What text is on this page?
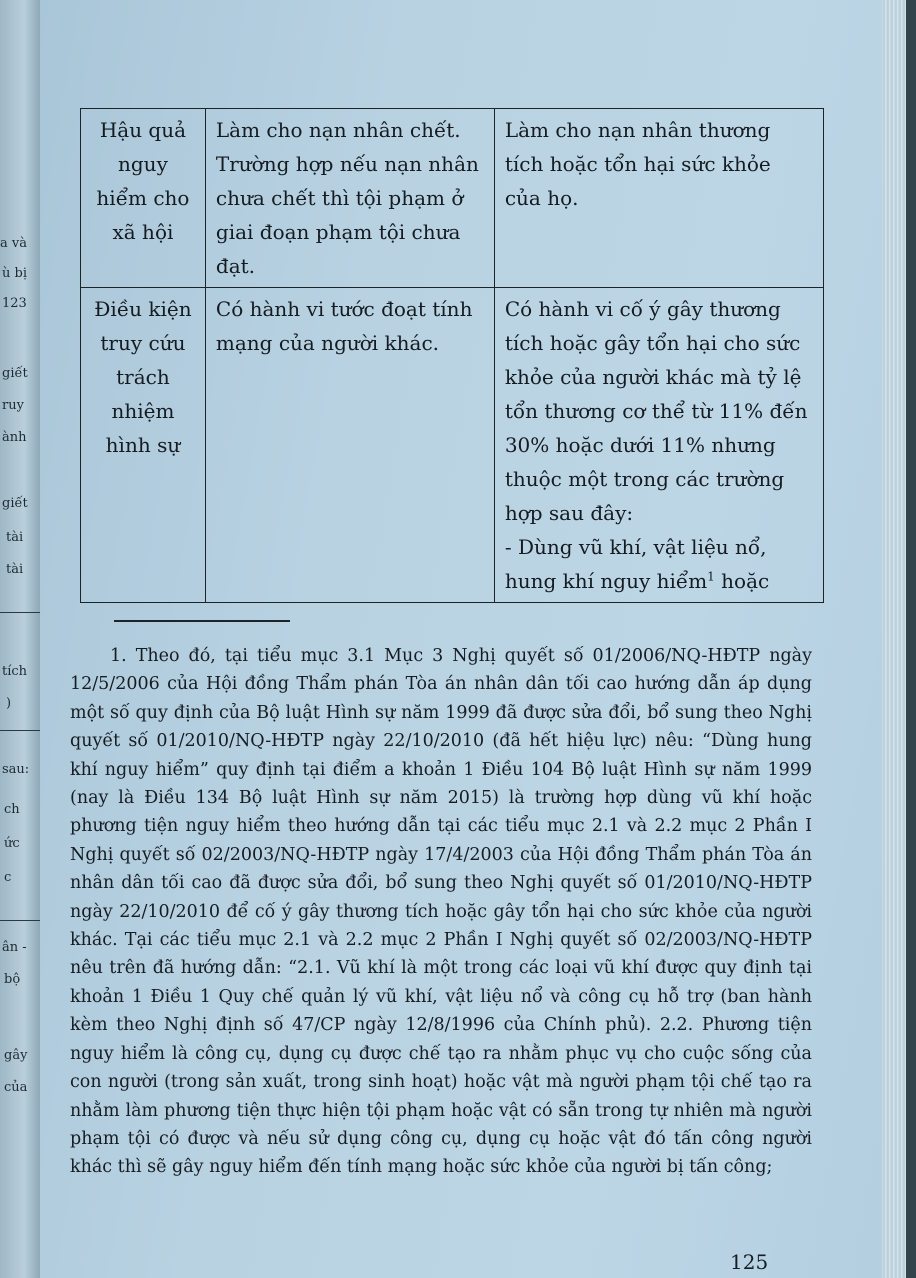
a và
ù bị
123
giết
ruy
ành
giết
tài
tài
tích
)
sau:
ch
ức
c
ân -
bộ
gây
của
Hậu quả nguy hiểm cho xã hội	Làm cho nạn nhân chết. Trường hợp nếu nạn nhân chưa chết thì tội phạm ở giai đoạn phạm tội chưa đạt.	Làm cho nạn nhân thương tích hoặc tổn hại sức khỏe của họ.
Điều kiện truy cứu trách nhiệm hình sự	Có hành vi tước đoạt tính mạng của người khác.	Có hành vi cố ý gây thương tích hoặc gây tổn hại cho sức khỏe của người khác mà tỷ lệ tổn thương cơ thể từ 11% đến 30% hoặc dưới 11% nhưng thuộc một trong các trường hợp sau đây:
- Dùng vũ khí, vật liệu nổ, hung khí nguy hiểm$^1$ hoặc

1. Theo đó, tại tiểu mục 3.1 Mục 3 Nghị quyết số 01/2006/NQ-HĐTP ngày 12/5/2006 của Hội đồng Thẩm phán Tòa án nhân dân tối cao hướng dẫn áp dụng một số quy định của Bộ luật Hình sự năm 1999 đã được sửa đổi, bổ sung theo Nghị quyết số 01/2010/NQ-HĐTP ngày 22/10/2010 (đã hết hiệu lực) nêu: “Dùng hung khí nguy hiểm” quy định tại điểm a khoản 1 Điều 104 Bộ luật Hình sự năm 1999 (nay là Điều 134 Bộ luật Hình sự năm 2015) là trường hợp dùng vũ khí hoặc phương tiện nguy hiểm theo hướng dẫn tại các tiểu mục 2.1 và 2.2 mục 2 Phần I Nghị quyết số 02/2003/NQ-HĐTP ngày 17/4/2003 của Hội đồng Thẩm phán Tòa án nhân dân tối cao đã được sửa đổi, bổ sung theo Nghị quyết số 01/2010/NQ-HĐTP ngày 22/10/2010 để cố ý gây thương tích hoặc gây tổn hại cho sức khỏe của người khác. Tại các tiểu mục 2.1 và 2.2 mục 2 Phần I Nghị quyết số 02/2003/NQ-HĐTP nêu trên đã hướng dẫn: “2.1. Vũ khí là một trong các loại vũ khí được quy định tại khoản 1 Điều 1 Quy chế quản lý vũ khí, vật liệu nổ và công cụ hỗ trợ (ban hành kèm theo Nghị định số 47/CP ngày 12/8/1996 của Chính phủ). 2.2. Phương tiện nguy hiểm là công cụ, dụng cụ được chế tạo ra nhằm phục vụ cho cuộc sống của con người (trong sản xuất, trong sinh hoạt) hoặc vật mà người phạm tội chế tạo ra nhằm làm phương tiện thực hiện tội phạm hoặc vật có sẵn trong tự nhiên mà người phạm tội có được và nếu sử dụng công cụ, dụng cụ hoặc vật đó tấn công người khác thì sẽ gây nguy hiểm đến tính mạng hoặc sức khỏe của người bị tấn công;

125
